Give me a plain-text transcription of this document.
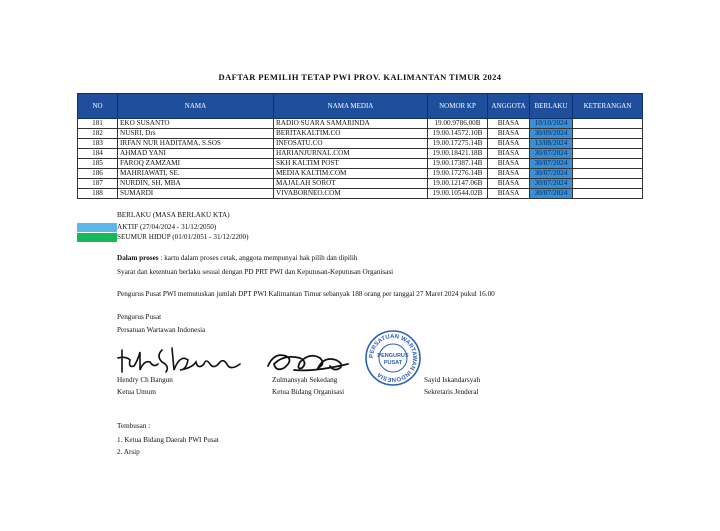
DAFTAR PEMILIH TETAP PWI PROV. KALIMANTAN TIMUR 2024
NO	NAMA	NAMA MEDIA	NOMOR KP	ANGGOTA	BERLAKU	KETERANGAN
181	EKO SUSANTO	RADIO SUARA SAMARINDA	19.00.9786.00B	BIASA	10/10/2024	
182	NUSRI, Drs	BERITAKALTIM.CO	19.00.14572.10B	BIASA	30/09/2024	
183	IRFAN NUR HADITAMA, S.SOS	INFOSATU.CO	19.00.17275.14B	BIASA	13/08/2024	
184	AHMAD YANI	HARIANJURNAL.COM	19.00.18421.18B	BIASA	30/07/2024	
185	FAROQ ZAMZAMI	SKH KALTIM POST	19.00.17387.14B	BIASA	30/07/2024	
186	MAHRIAWATI, SE.	MEDIA KALTIM.COM	19.00.17276.14B	BIASA	30/07/2024	
187	NURDIN, SH, MBA	MAJALAH SOROT	19.00.12147.06B	BIASA	30/07/2024	
188	SUMARDI	VIVABORNEO.COM	19.00.10544.02B	BIASA	30/07/2024	
BERLAKU (MASA BERLAKU KTA)
AKTIF (27/04/2024 - 31/12/2050)
SEUMUR HIDUP (01/01/2051 - 31/12/2200)
Dalam proses : kartu dalam proses cetak, anggota mempunyai hak pilih dan dipilih
Syarat dan ketentuan berlaku sesuai dengan PD PRT PWI dan Keputusan-Keputusan Organisasi
Pengurus Pusat PWI memutuskan jumlah DPT PWI Kalimantan Timur sebanyak 188 orang per tanggal 27 Maret 2024 pukul 16.00
Pengurus Pusat
Persatuan Wartawan Indonesia
PERSATUAN WARTAWAN INDONESIA
PENGURUS
PUSAT
Hendry Ch Bangun
Ketua Umum
Zulmansyah Sekedang
Ketua Bidang Organisasi
Sayid Iskandarsyah
Sekretaris Jenderal
Tembusan :
1. Ketua Bidang Daerah PWI Pusat
2. Arsip
